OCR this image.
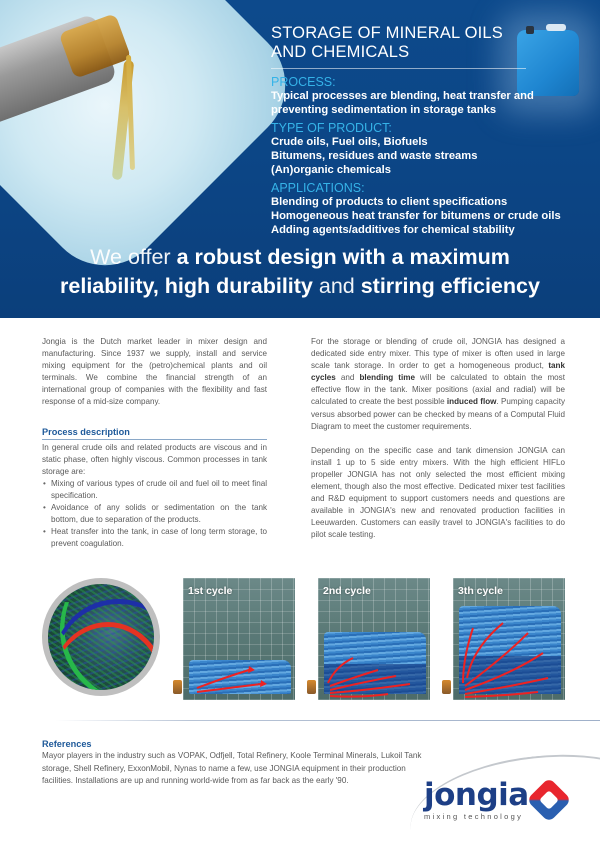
STORAGE OF MINERAL OILS
AND CHEMICALS
PROCESS:
Typical processes are blending, heat transfer and
preventing sedimentation in storage tanks
TYPE OF PRODUCT:
Crude oils, Fuel oils, Biofuels
Bitumens, residues and waste streams
(An)organic chemicals
APPLICATIONS:
Blending of products to client specifications
Homogeneous heat transfer for bitumens or crude oils
Adding agents/additives for chemical stability
We offer a robust design with a maximum
reliability, high durability and stirring efficiency

Jongia is the Dutch market leader in mixer design and manufacturing. Since 1937 we supply, install and service mixing equipment for the (petro)chemical plants and oil terminals. We combine the financial strength of an international group of companies with the flexibility and fast response of a mid-size company.

Process description

In general crude oils and related products are viscous and in static phase, often highly viscous. Common processes in tank storage are:

• Mixing of various types of crude oil and fuel oil to meet final specification.
• Avoidance of any solids or sedimentation on the tank bottom, due to separation of the products.
• Heat transfer into the tank, in case of long term storage, to prevent coagulation.

For the storage or blending of crude oil, JONGIA has designed a dedicated side entry mixer. This type of mixer is often used in large scale tank storage. In order to get a homogeneous product, tank cycles and blending time will be calculated to obtain the most effective flow in the tank. Mixer positions (axial and radial) will be calculated to create the best possible induced flow. Pumping capacity versus absorbed power can be checked by means of a Computal Fluid Diagram to meet the customer requirements.

Depending on the specific case and tank dimension JONGIA can install 1 up to 5 side entry mixers. With the high efficient HIFLo propeller JONGIA has not only selected the most efficient mixing element, though also the most effective. Dedicated mixer test facilities and R&D equipment to support customers needs and questions are available in JONGIA's new and renovated production facilities in Leeuwarden. Customers can easily travel to JONGIA's facilities to do pilot scale testing.

1st cycle	2nd cycle	3th cycle
References
Mayor players in the industry such as VOPAK, Odfjell, Total Refinery, Koole Terminal Minerals, Lukoil Tank storage, Shell Refinery, ExxonMobil, Nynas to name a few, use JONGIA equipment in their production facilities. Installations are up and running world-wide from as far back as the early '90.	jongia
mixing technology
